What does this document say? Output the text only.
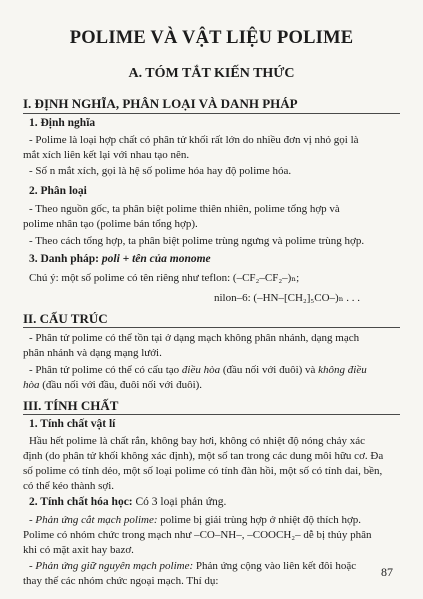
POLIME VÀ VẬT LIỆU POLIME
A. TÓM TẮT KIẾN THỨC
I. ĐỊNH NGHĨA, PHÂN LOẠI VÀ DANH PHÁP
1. Định nghĩa
- Polime là loại hợp chất có phân tử khối rất lớn do nhiều đơn vị nhỏ gọi là
mắt xích liên kết lại với nhau tạo nên.
- Số n mắt xích, gọi là hệ số polime hóa hay độ polime hóa.
2. Phân loại
- Theo nguồn gốc, ta phân biệt polime thiên nhiên, polime tổng hợp và
polime nhân tạo (polime bán tổng hợp).
- Theo cách tổng hợp, ta phân biệt polime trùng ngưng và polime trùng hợp.
3. Danh pháp: poli + tên của monome
Chú ý: một số polime có tên riêng như teflon: (–CF₂–CF₂–)ₙ;
nilon–6: (–HN–[CH₂]₅CO–)ₙ . . .
II. CẤU TRÚC
- Phân tử polime có thể tồn tại ở dạng mạch không phân nhánh, dạng mạch
phân nhánh và dạng mạng lưới.
- Phân tử polime có thể có cấu tạo điều hòa (đầu nối với đuôi) và không điều
hòa (đầu nối với đầu, đuôi nối với đuôi).
III. TÍNH CHẤT
1. Tính chất vật lí
Hầu hết polime là chất rắn, không bay hơi, không có nhiệt độ nóng chảy xác
định (do phân tử khối không xác định), một số tan trong các dung môi hữu cơ. Đa
số polime có tính dẻo, một số loại polime có tính đàn hồi, một số có tính dai, bền,
có thể kéo thành sợi.
2. Tính chất hóa học: Có 3 loại phản ứng.
- Phản ứng cắt mạch polime: polime bị giải trùng hợp ở nhiệt độ thích hợp.
Polime có nhóm chức trong mạch như –CO–NH–, –COOCH₂– dễ bị thủy phân
khi có mặt axit hay bazơ.
- Phản ứng giữ nguyên mạch polime: Phản ứng cộng vào liên kết đôi hoặc
thay thế các nhóm chức ngoại mạch. Thí dụ:
87
